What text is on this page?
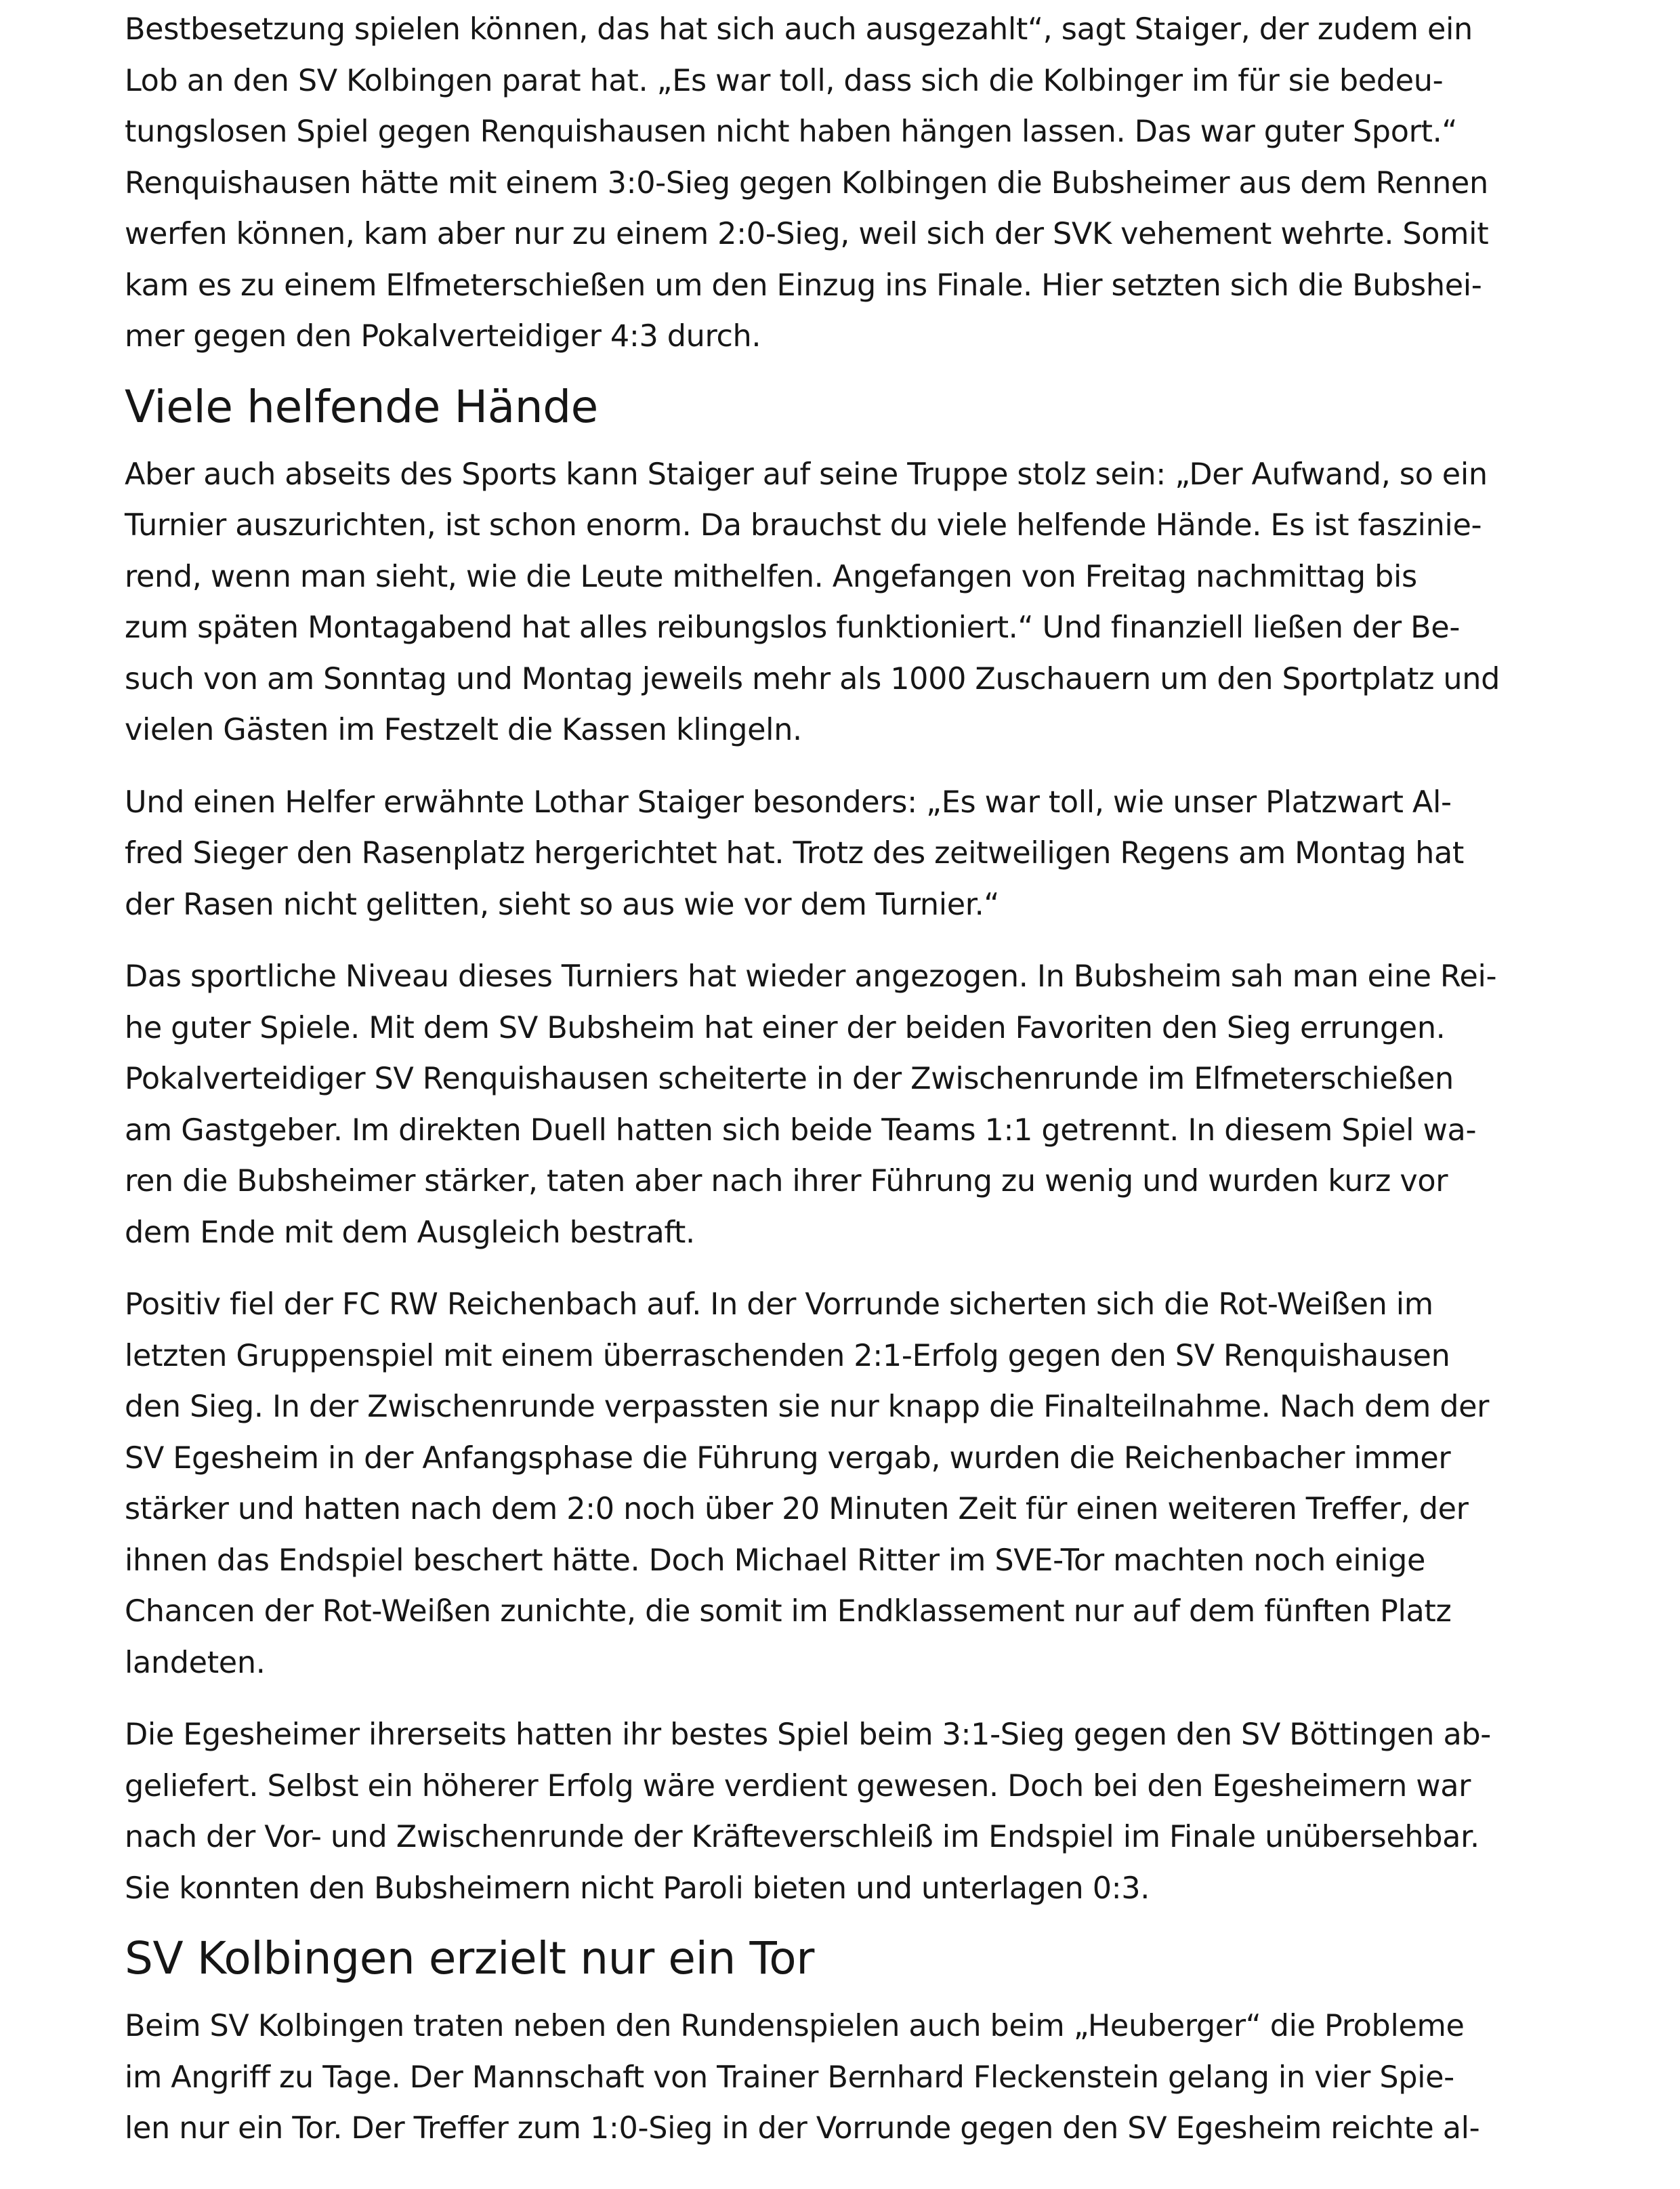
Bestbesetzung spielen können, das hat sich auch ausgezahlt“, sagt Staiger, der zudem ein
Lob an den SV Kolbingen parat hat. „Es war toll, dass sich die Kolbinger im für sie bedeu-
tungslosen Spiel gegen Renquishausen nicht haben hängen lassen. Das war guter Sport.“
Renquishausen hätte mit einem 3:0-Sieg gegen Kolbingen die Bubsheimer aus dem Rennen
werfen können, kam aber nur zu einem 2:0-Sieg, weil sich der SVK vehement wehrte. Somit
kam es zu einem Elfmeterschießen um den Einzug ins Finale. Hier setzten sich die Bubshei-
mer gegen den Pokalverteidiger 4:3 durch.

Viele helfende Hände

Aber auch abseits des Sports kann Staiger auf seine Truppe stolz sein: „Der Aufwand, so ein
Turnier auszurichten, ist schon enorm. Da brauchst du viele helfende Hände. Es ist faszinie-
rend, wenn man sieht, wie die Leute mithelfen. Angefangen von Freitag nachmittag bis
zum späten Montagabend hat alles reibungslos funktioniert.“ Und finanziell ließen der Be-
such von am Sonntag und Montag jeweils mehr als 1000 Zuschauern um den Sportplatz und
vielen Gästen im Festzelt die Kassen klingeln.

Und einen Helfer erwähnte Lothar Staiger besonders: „Es war toll, wie unser Platzwart Al-
fred Sieger den Rasenplatz hergerichtet hat. Trotz des zeitweiligen Regens am Montag hat
der Rasen nicht gelitten, sieht so aus wie vor dem Turnier.“

Das sportliche Niveau dieses Turniers hat wieder angezogen. In Bubsheim sah man eine Rei-
he guter Spiele. Mit dem SV Bubsheim hat einer der beiden Favoriten den Sieg errungen.
Pokalverteidiger SV Renquishausen scheiterte in der Zwischenrunde im Elfmeterschießen
am Gastgeber. Im direkten Duell hatten sich beide Teams 1:1 getrennt. In diesem Spiel wa-
ren die Bubsheimer stärker, taten aber nach ihrer Führung zu wenig und wurden kurz vor
dem Ende mit dem Ausgleich bestraft.

Positiv fiel der FC RW Reichenbach auf. In der Vorrunde sicherten sich die Rot-Weißen im
letzten Gruppenspiel mit einem überraschenden 2:1-Erfolg gegen den SV Renquishausen
den Sieg. In der Zwischenrunde verpassten sie nur knapp die Finalteilnahme. Nach dem der
SV Egesheim in der Anfangsphase die Führung vergab, wurden die Reichenbacher immer
stärker und hatten nach dem 2:0 noch über 20 Minuten Zeit für einen weiteren Treffer, der
ihnen das Endspiel beschert hätte. Doch Michael Ritter im SVE-Tor machten noch einige
Chancen der Rot-Weißen zunichte, die somit im Endklassement nur auf dem fünften Platz
landeten.

Die Egesheimer ihrerseits hatten ihr bestes Spiel beim 3:1-Sieg gegen den SV Böttingen ab-
geliefert. Selbst ein höherer Erfolg wäre verdient gewesen. Doch bei den Egesheimern war
nach der Vor- und Zwischenrunde der Kräfteverschleiß im Endspiel im Finale unübersehbar.
Sie konnten den Bubsheimern nicht Paroli bieten und unterlagen 0:3.

SV Kolbingen erzielt nur ein Tor

Beim SV Kolbingen traten neben den Rundenspielen auch beim „Heuberger“ die Probleme
im Angriff zu Tage. Der Mannschaft von Trainer Bernhard Fleckenstein gelang in vier Spie-
len nur ein Tor. Der Treffer zum 1:0-Sieg in der Vorrunde gegen den SV Egesheim reichte al-
